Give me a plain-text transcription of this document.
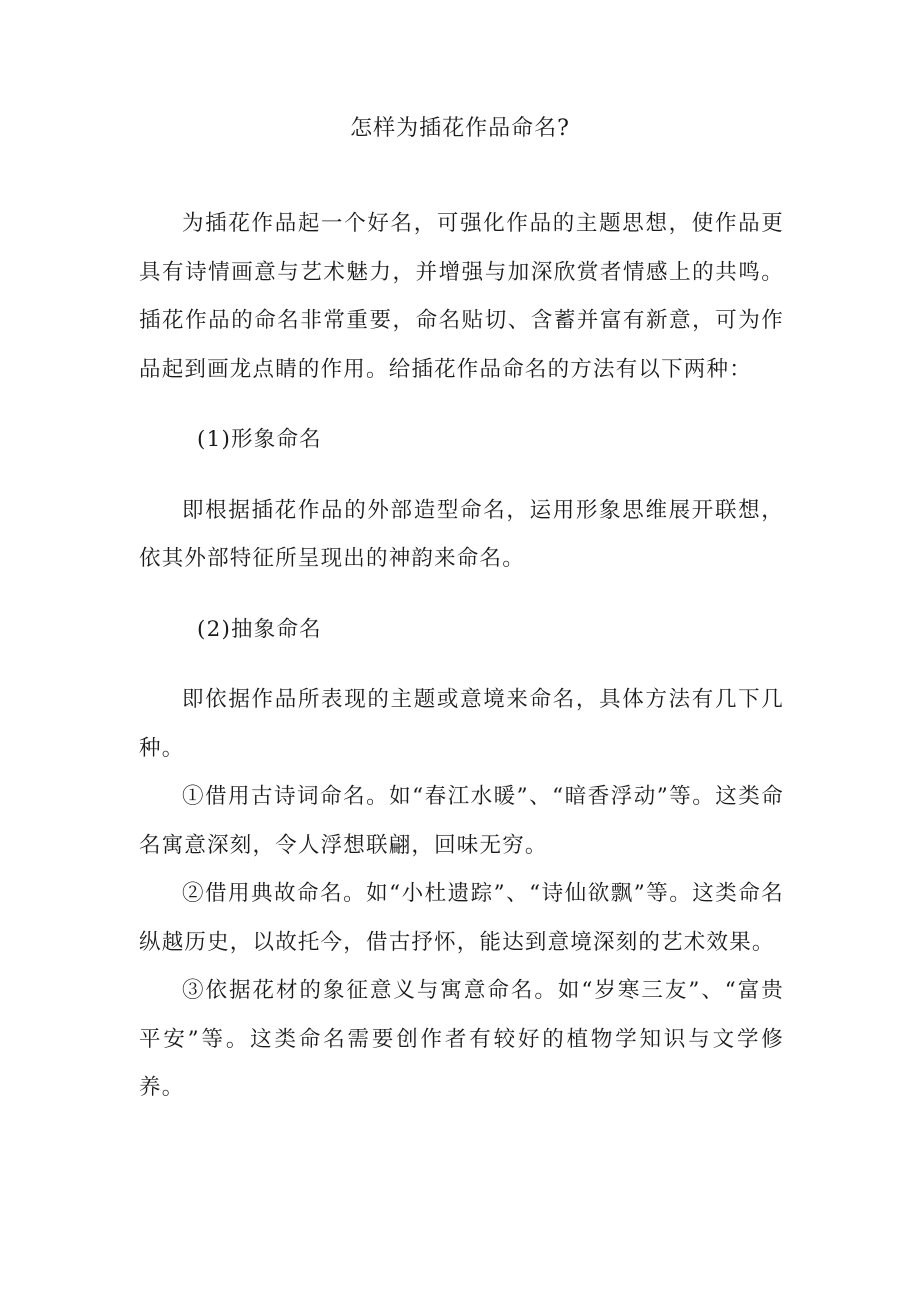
怎样为插花作品命名?

为插花作品起一个好名，可强化作品的主题思想，使作品更具有诗情画意与艺术魅力，并增强与加深欣赏者情感上的共鸣。插花作品的命名非常重要，命名贴切、含蓄并富有新意，可为作品起到画龙点睛的作用。给插花作品命名的方法有以下两种：

(1)形象命名

即根据插花作品的外部造型命名，运用形象思维展开联想，依其外部特征所呈现出的神韵来命名。

(2)抽象命名

即依据作品所表现的主题或意境来命名，具体方法有几下几种。

①借用古诗词命名。如“春江水暖”、“暗香浮动”等。这类命名寓意深刻，令人浮想联翩，回味无穷。

②借用典故命名。如“小杜遗踪”、“诗仙欲飘”等。这类命名纵越历史，以故托今，借古抒怀，能达到意境深刻的艺术效果。

③依据花材的象征意义与寓意命名。如“岁寒三友”、“富贵平安”等。这类命名需要创作者有较好的植物学知识与文学修养。
